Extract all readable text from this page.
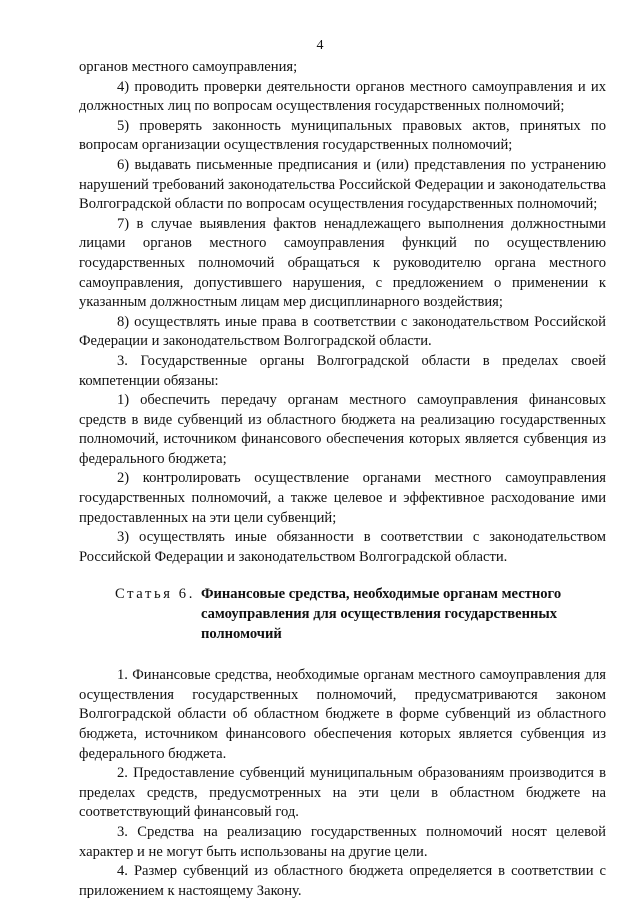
4

органов местного самоуправления;

4) проводить проверки деятельности органов местного самоуправления и их должностных лиц по вопросам осуществления государственных полномочий;

5) проверять законность муниципальных правовых актов, принятых по вопросам организации осуществления государственных полномочий;

6) выдавать письменные предписания и (или) представления по устранению нарушений требований законодательства Российской Федерации и законодательства Волгоградской области по вопросам осуществления государственных полномочий;

7) в случае выявления фактов ненадлежащего выполнения должностными лицами органов местного самоуправления функций по осуществлению государственных полномочий обращаться к руководителю органа местного самоуправления, допустившего нарушения, с предложением о применении к указанным должностным лицам мер дисциплинарного воздействия;

8) осуществлять иные права в соответствии с законодательством Российской Федерации и законодательством Волгоградской области.

3. Государственные органы Волгоградской области в пределах своей компетенции обязаны:

1) обеспечить передачу органам местного самоуправления финансовых средств в виде субвенций из областного бюджета на реализацию государственных полномочий, источником финансового обеспечения которых является субвенция из федерального бюджета;

2) контролировать осуществление органами местного самоуправления государственных полномочий, а также целевое и эффективное расходование ими предоставленных на эти цели субвенций;

3) осуществлять иные обязанности в соответствии с законодательством Российской Федерации и законодательством Волгоградской области.

Статья 6. Финансовые средства, необходимые органам местного самоуправления для осуществления государственных полномочий

1. Финансовые средства, необходимые органам местного самоуправления для осуществления государственных полномочий, предусматриваются законом Волгоградской области об областном бюджете в форме субвенций из областного бюджета, источником финансового обеспечения которых является субвенция из федерального бюджета.

2. Предоставление субвенций муниципальным образованиям производится в пределах средств, предусмотренных на эти цели в областном бюджете на соответствующий финансовый год.

3. Средства на реализацию государственных полномочий носят целевой характер и не могут быть использованы на другие цели.

4. Размер субвенций из областного бюджета определяется в соответствии с приложением к настоящему Закону.
